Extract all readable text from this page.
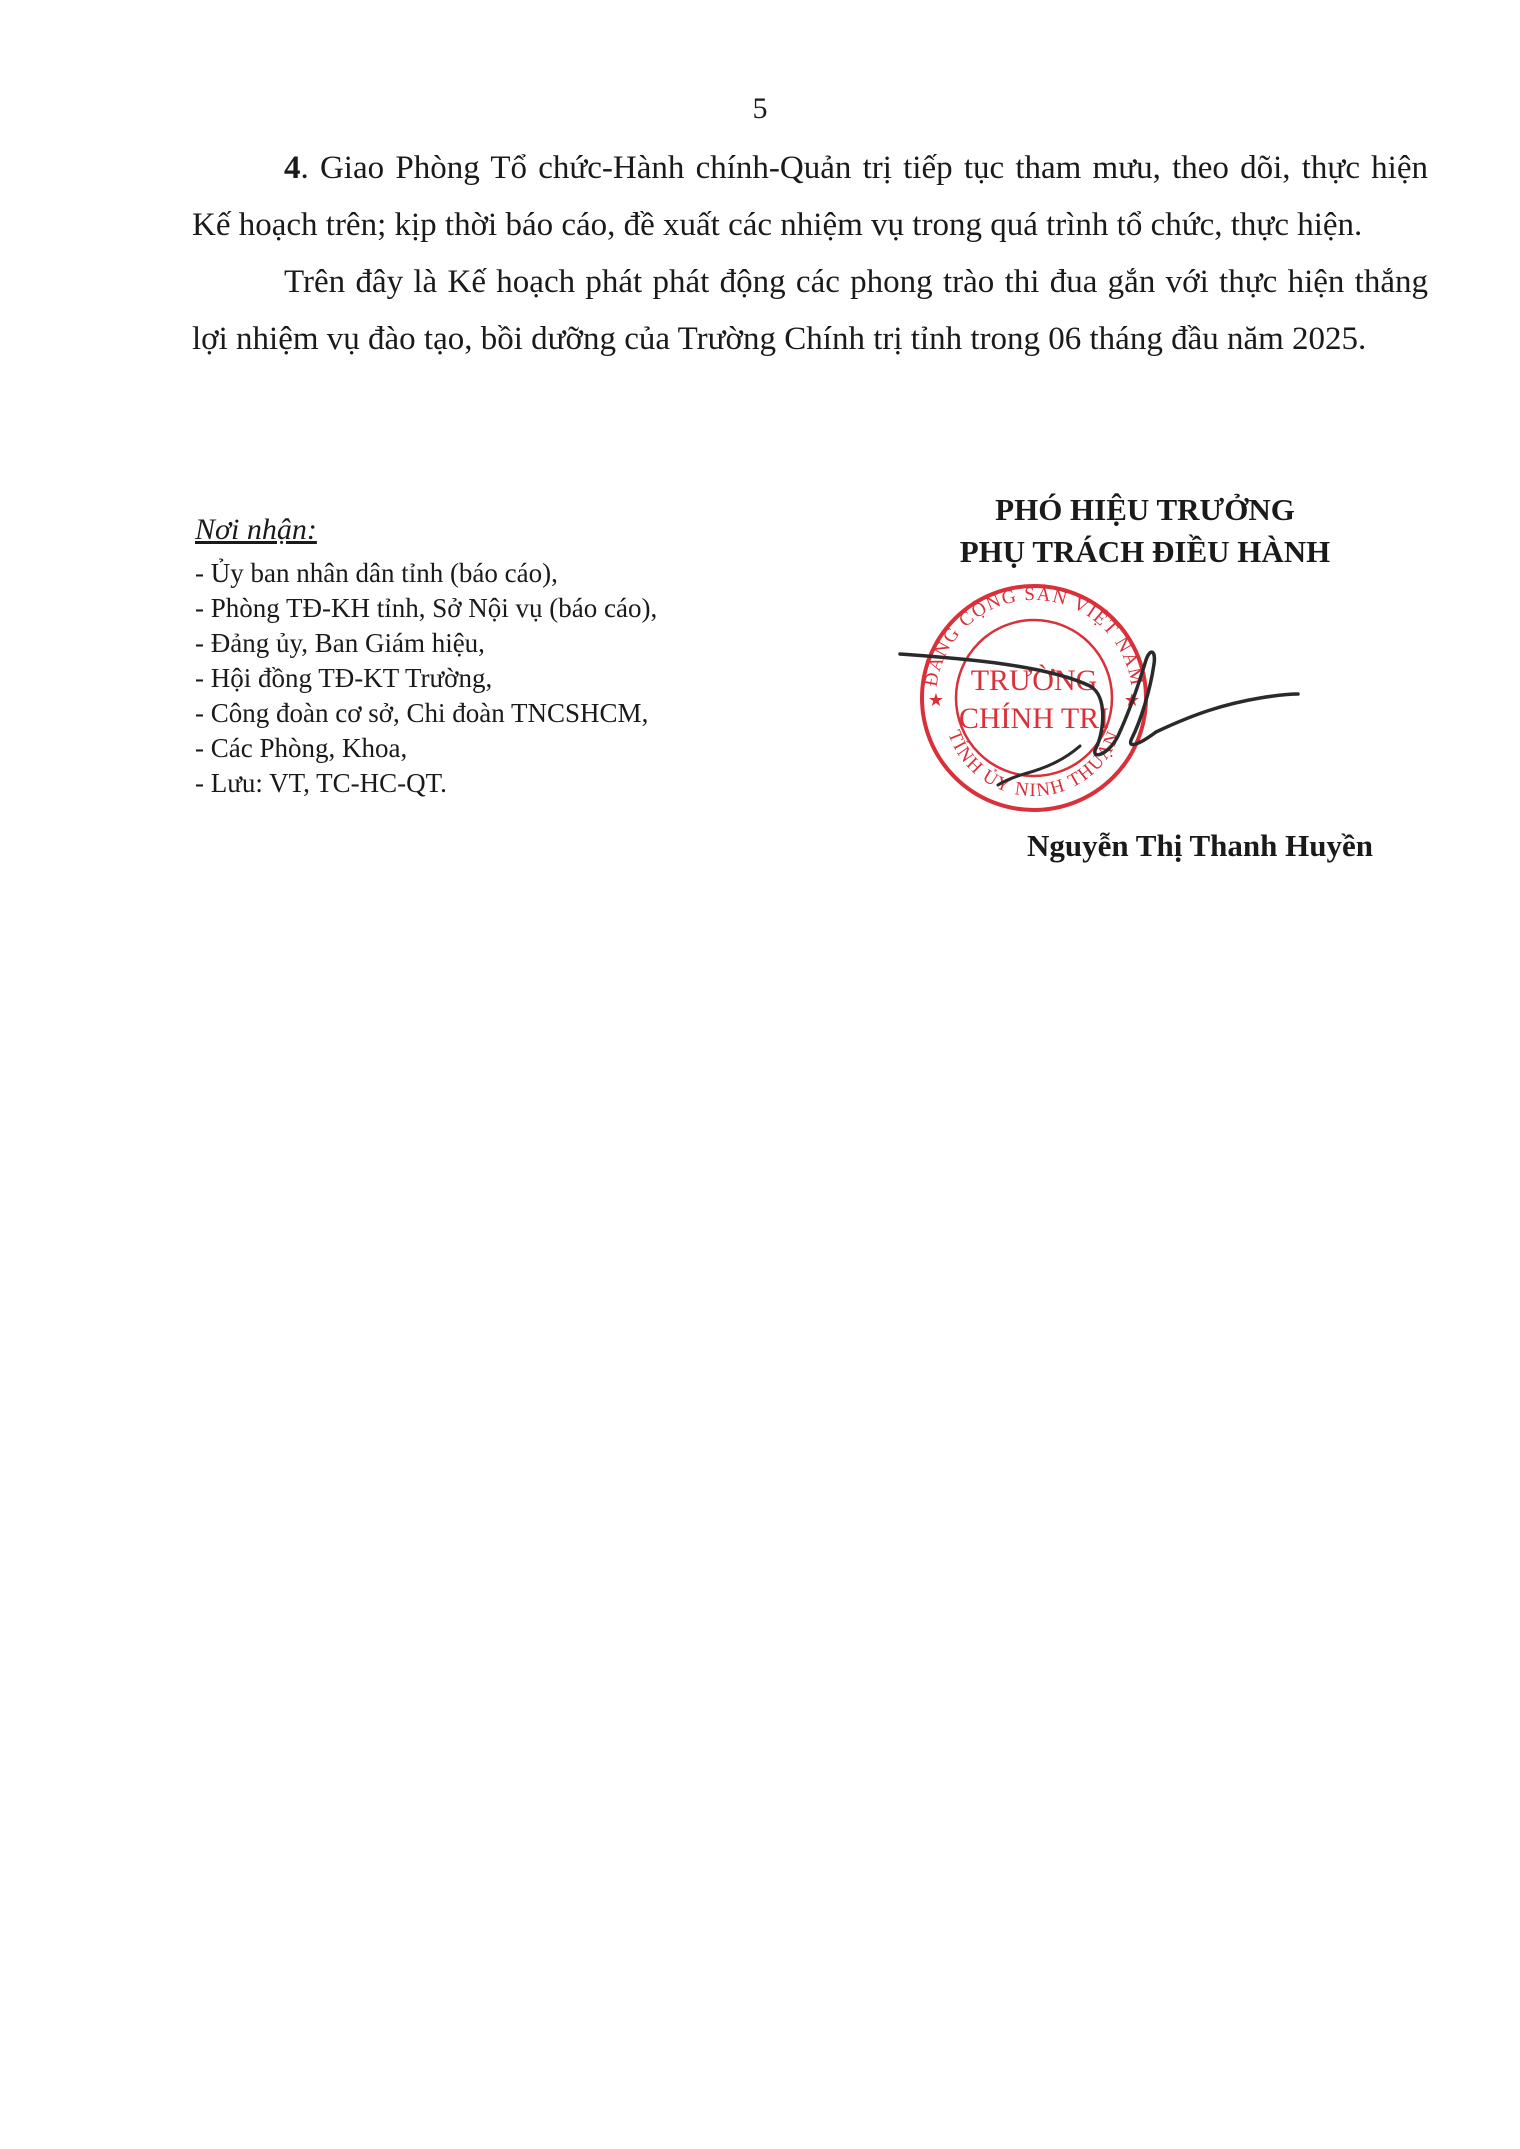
5

4. Giao Phòng Tổ chức-Hành chính-Quản trị tiếp tục tham mưu, theo dõi, thực hiện Kế hoạch trên; kịp thời báo cáo, đề xuất các nhiệm vụ trong quá trình tổ chức, thực hiện.

Trên đây là Kế hoạch phát phát động các phong trào thi đua gắn với thực hiện thắng lợi nhiệm vụ đào tạo, bồi dưỡng của Trường Chính trị tỉnh trong 06 tháng đầu năm 2025.

Nơi nhận:
- Ủy ban nhân dân tỉnh (báo cáo),
- Phòng TĐ-KH tỉnh, Sở Nội vụ (báo cáo),
- Đảng ủy, Ban Giám hiệu,
- Hội đồng TĐ-KT Trường,
- Công đoàn cơ sở, Chi đoàn TNCSHCM,
- Các Phòng, Khoa,
- Lưu: VT, TC-HC-QT.
PHÓ HIỆU TRƯỞNG
PHỤ TRÁCH ĐIỀU HÀNH
ĐẢNG CỘNG SẢN VIỆT NAM
TỈNH ỦY NINH THUẬN
★	★
TRƯỜNG
CHÍNH TRỊ
Nguyễn Thị Thanh Huyền
